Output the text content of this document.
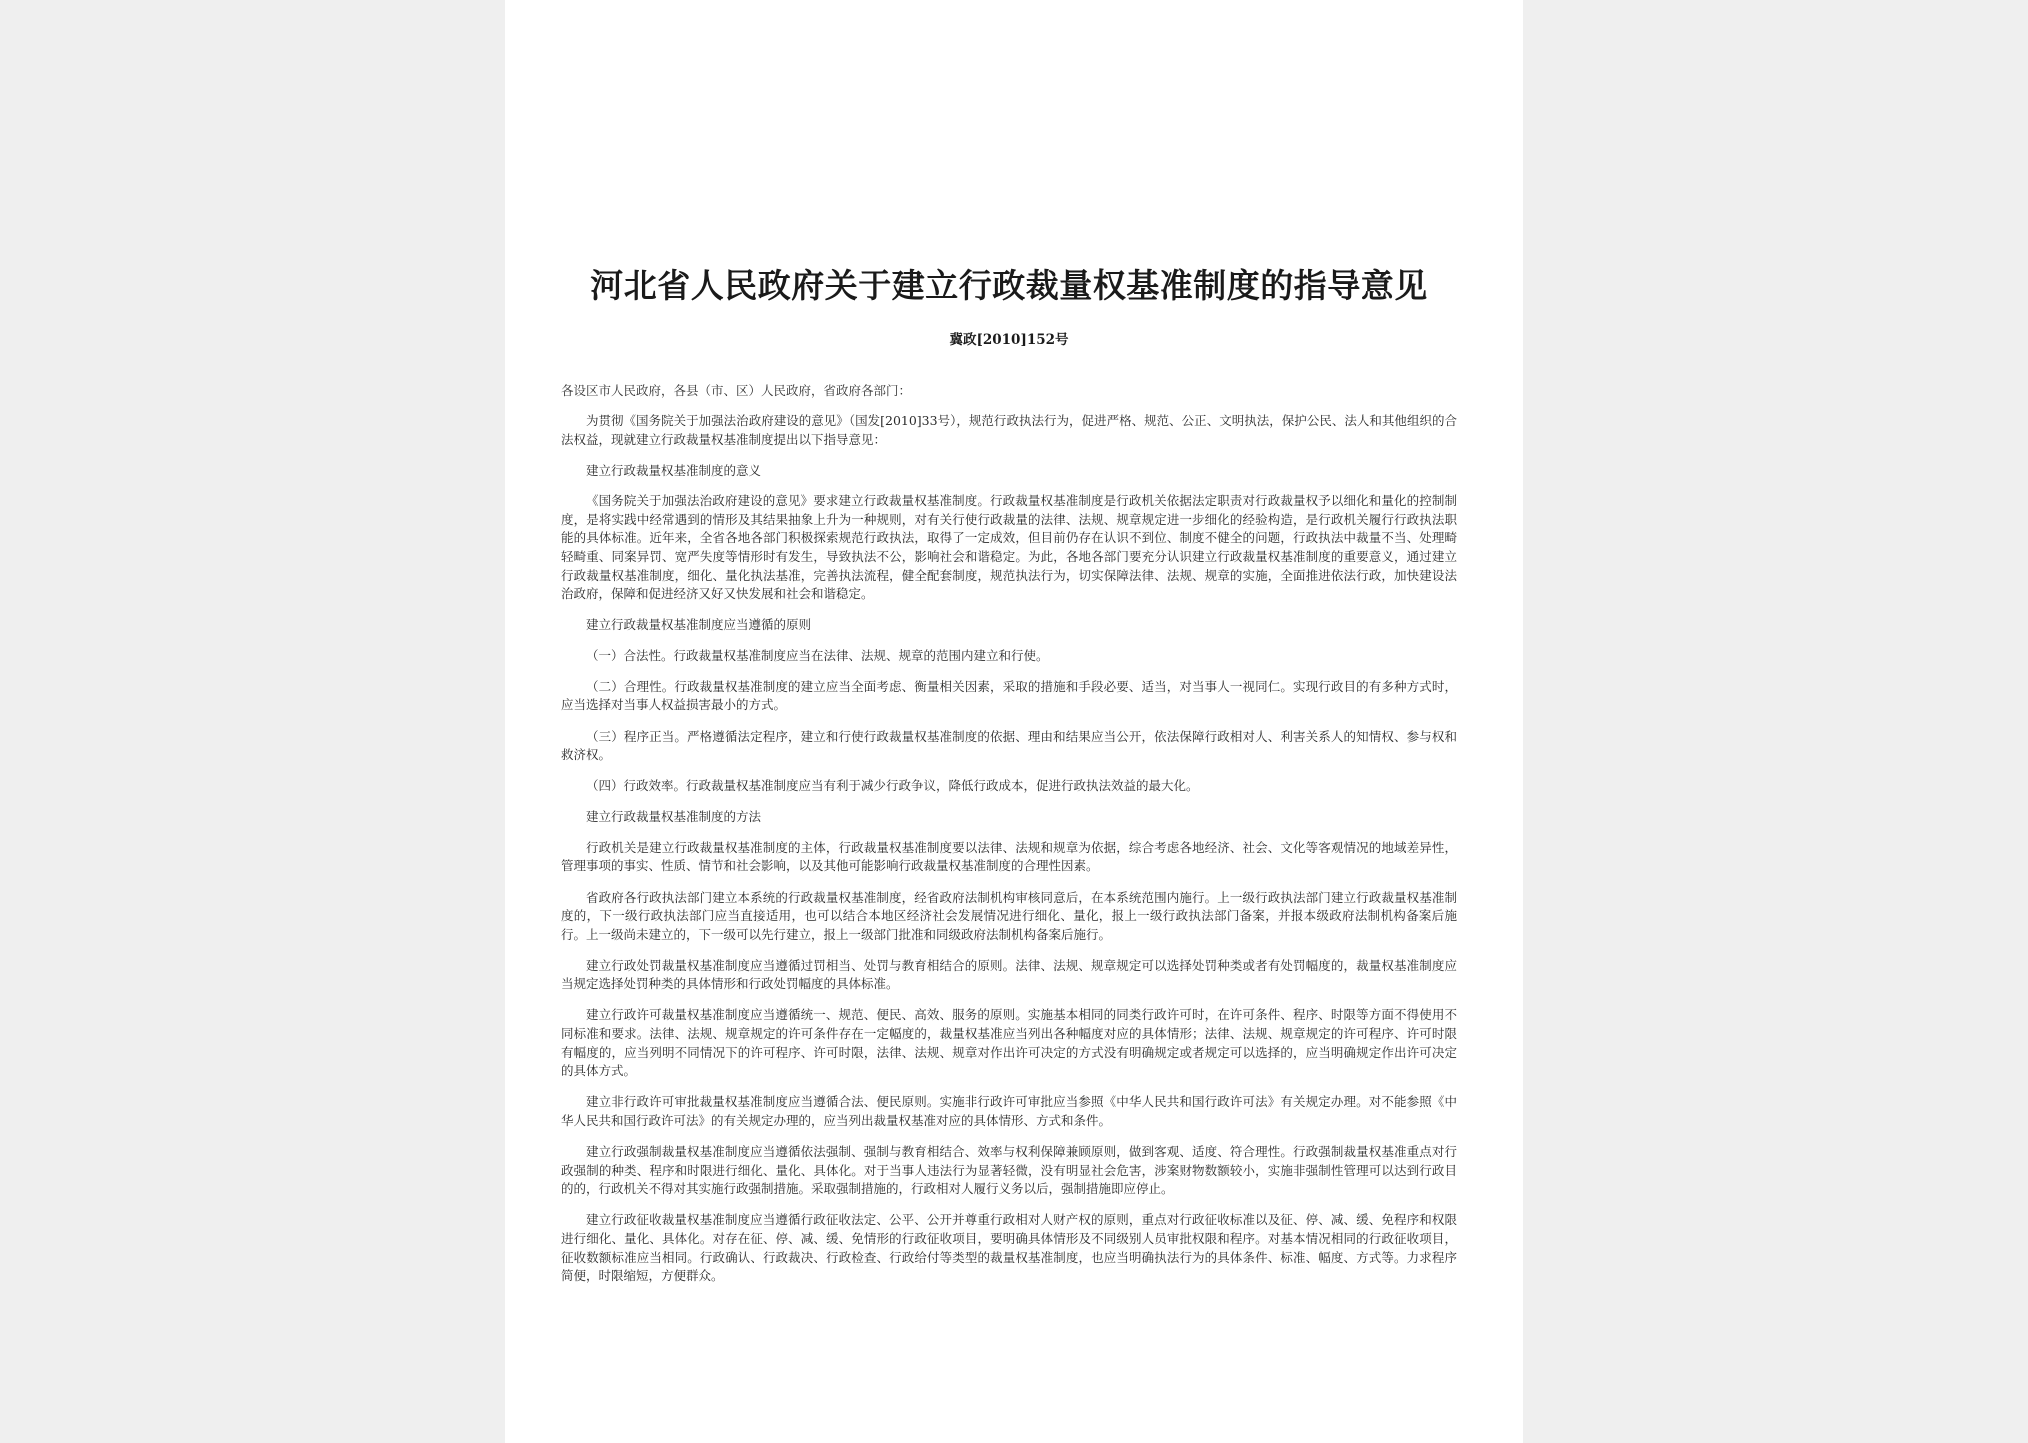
河北省人民政府关于建立行政裁量权基准制度的指导意见
冀政[2010]152号
各设区市人民政府，各县（市、区）人民政府，省政府各部门：

为贯彻《国务院关于加强法治政府建设的意见》（国发[2010]33号），规范行政执法行为，促进严格、规范、公正、文明执法，保护公民、法人和其他组织的合法权益，现就建立行政裁量权基准制度提出以下指导意见：

建立行政裁量权基准制度的意义

《国务院关于加强法治政府建设的意见》要求建立行政裁量权基准制度。行政裁量权基准制度是行政机关依据法定职责对行政裁量权予以细化和量化的控制制度，是将实践中经常遇到的情形及其结果抽象上升为一种规则，对有关行使行政裁量的法律、法规、规章规定进一步细化的经验构造，是行政机关履行行政执法职能的具体标准。近年来，全省各地各部门积极探索规范行政执法，取得了一定成效，但目前仍存在认识不到位、制度不健全的问题，行政执法中裁量不当、处理畸轻畸重、同案异罚、宽严失度等情形时有发生，导致执法不公，影响社会和谐稳定。为此，各地各部门要充分认识建立行政裁量权基准制度的重要意义，通过建立行政裁量权基准制度，细化、量化执法基准，完善执法流程，健全配套制度，规范执法行为，切实保障法律、法规、规章的实施，全面推进依法行政，加快建设法治政府，保障和促进经济又好又快发展和社会和谐稳定。

建立行政裁量权基准制度应当遵循的原则

（一）合法性。行政裁量权基准制度应当在法律、法规、规章的范围内建立和行使。

（二）合理性。行政裁量权基准制度的建立应当全面考虑、衡量相关因素，采取的措施和手段必要、适当，对当事人一视同仁。实现行政目的有多种方式时，应当选择对当事人权益损害最小的方式。

（三）程序正当。严格遵循法定程序，建立和行使行政裁量权基准制度的依据、理由和结果应当公开，依法保障行政相对人、利害关系人的知情权、参与权和救济权。

（四）行政效率。行政裁量权基准制度应当有利于减少行政争议，降低行政成本，促进行政执法效益的最大化。

建立行政裁量权基准制度的方法

行政机关是建立行政裁量权基准制度的主体，行政裁量权基准制度要以法律、法规和规章为依据，综合考虑各地经济、社会、文化等客观情况的地域差异性，管理事项的事实、性质、情节和社会影响，以及其他可能影响行政裁量权基准制度的合理性因素。

省政府各行政执法部门建立本系统的行政裁量权基准制度，经省政府法制机构审核同意后，在本系统范围内施行。上一级行政执法部门建立行政裁量权基准制度的，下一级行政执法部门应当直接适用，也可以结合本地区经济社会发展情况进行细化、量化，报上一级行政执法部门备案，并报本级政府法制机构备案后施行。上一级尚未建立的，下一级可以先行建立，报上一级部门批准和同级政府法制机构备案后施行。

建立行政处罚裁量权基准制度应当遵循过罚相当、处罚与教育相结合的原则。法律、法规、规章规定可以选择处罚种类或者有处罚幅度的，裁量权基准制度应当规定选择处罚种类的具体情形和行政处罚幅度的具体标准。

建立行政许可裁量权基准制度应当遵循统一、规范、便民、高效、服务的原则。实施基本相同的同类行政许可时，在许可条件、程序、时限等方面不得使用不同标准和要求。法律、法规、规章规定的许可条件存在一定幅度的，裁量权基准应当列出各种幅度对应的具体情形；法律、法规、规章规定的许可程序、许可时限有幅度的，应当列明不同情况下的许可程序、许可时限，法律、法规、规章对作出许可决定的方式没有明确规定或者规定可以选择的，应当明确规定作出许可决定的具体方式。

建立非行政许可审批裁量权基准制度应当遵循合法、便民原则。实施非行政许可审批应当参照《中华人民共和国行政许可法》有关规定办理。对不能参照《中华人民共和国行政许可法》的有关规定办理的，应当列出裁量权基准对应的具体情形、方式和条件。

建立行政强制裁量权基准制度应当遵循依法强制、强制与教育相结合、效率与权利保障兼顾原则，做到客观、适度、符合理性。行政强制裁量权基准重点对行政强制的种类、程序和时限进行细化、量化、具体化。对于当事人违法行为显著轻微，没有明显社会危害，涉案财物数额较小，实施非强制性管理可以达到行政目的的，行政机关不得对其实施行政强制措施。采取强制措施的，行政相对人履行义务以后，强制措施即应停止。

建立行政征收裁量权基准制度应当遵循行政征收法定、公平、公开并尊重行政相对人财产权的原则，重点对行政征收标准以及征、停、减、缓、免程序和权限进行细化、量化、具体化。对存在征、停、减、缓、免情形的行政征收项目，要明确具体情形及不同级别人员审批权限和程序。对基本情况相同的行政征收项目，征收数额标准应当相同。行政确认、行政裁决、行政检查、行政给付等类型的裁量权基准制度，也应当明确执法行为的具体条件、标准、幅度、方式等。力求程序简便，时限缩短，方便群众。
